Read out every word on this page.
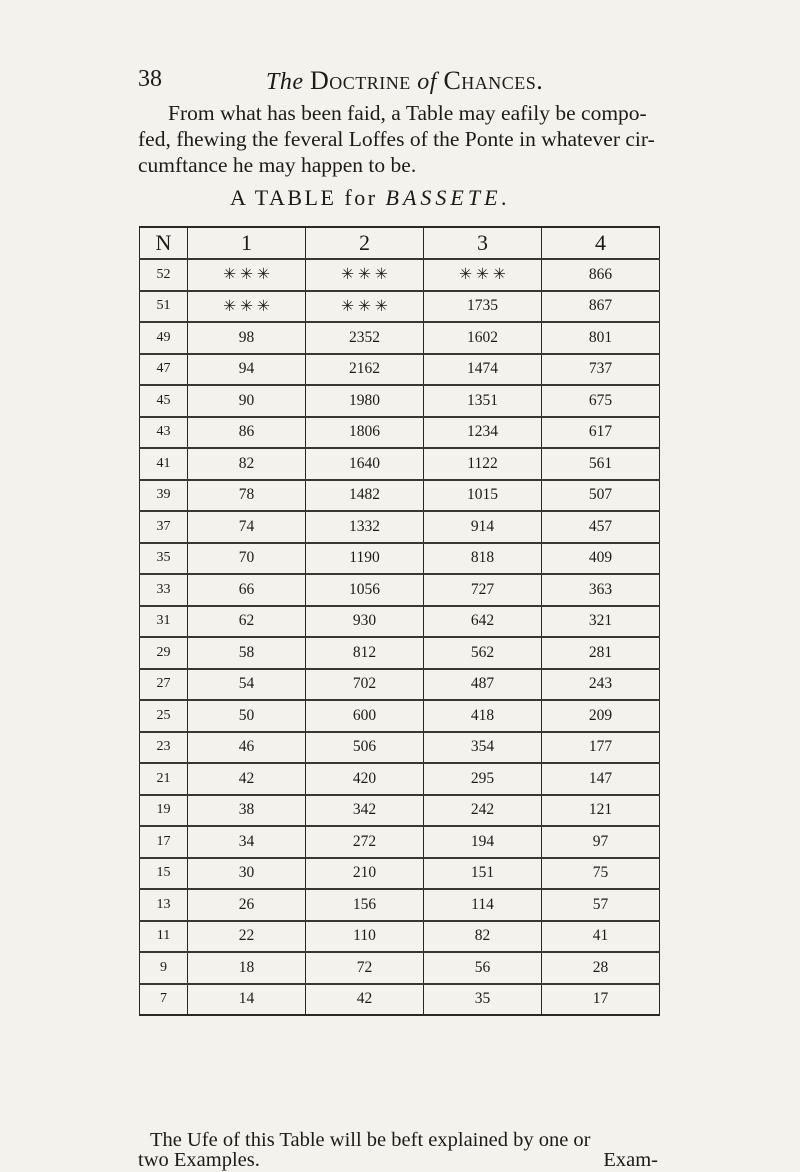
38	The Doctrine of Chances.
From what has been faid, a Table may eafily be compo-
fed, fhewing the feveral Loffes of the Ponte in whatever cir-
cumftance he may happen to be.
A TABLE for BASSETE.
N	1	2	3	4
52	✳ ✳ ✳	✳ ✳ ✳	✳ ✳ ✳	866
51	✳ ✳ ✳	✳ ✳ ✳	1735	867
49	98	2352	1602	801
47	94	2162	1474	737
45	90	1980	1351	675
43	86	1806	1234	617
41	82	1640	1122	561
39	78	1482	1015	507
37	74	1332	914	457
35	70	1190	818	409
33	66	1056	727	363
31	62	930	642	321
29	58	812	562	281
27	54	702	487	243
25	50	600	418	209
23	46	506	354	177
21	42	420	295	147
19	38	342	242	121
17	34	272	194	97
15	30	210	151	75
13	26	156	114	57
11	22	110	82	41
9	18	72	56	28
7	14	42	35	17
The Ufe of this Table will be beft explained by one or
two Examples.	Exam-
